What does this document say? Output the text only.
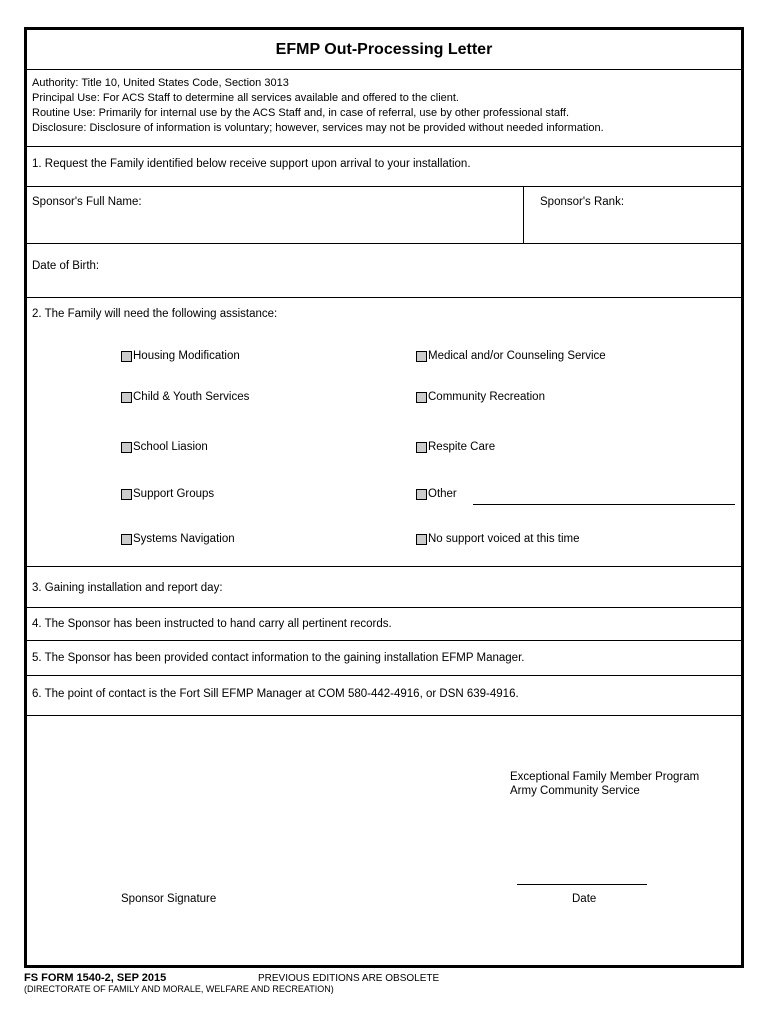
EFMP Out-Processing Letter
Authority: Title 10, United States Code, Section 3013
Principal Use: For ACS Staff to determine all services available and offered to the client.
Routine Use: Primarily for internal use by the ACS Staff and, in case of referral, use by other professional staff.
Disclosure: Disclosure of information is voluntary; however, services may not be provided without needed information.
1. Request the Family identified below receive support upon arrival to your installation.
Sponsor's Full Name:	Sponsor's Rank:
Date of Birth:
2. The Family will need the following assistance:
Housing Modification	Medical and/or Counseling Service
Child & Youth Services	Community Recreation
School Liasion	Respite Care
Support Groups	Other
Systems Navigation	No support voiced at this time
3. Gaining installation and report day:
4. The Sponsor has been instructed to hand carry all pertinent records.
5. The Sponsor has been provided contact information to the gaining installation EFMP Manager.
6. The point of contact is the Fort Sill EFMP Manager at COM 580-442-4916, or DSN 639-4916.
Exceptional Family Member Program
Army Community Service
Sponsor Signature	Date
FS FORM 1540-2, SEP 2015	PREVIOUS EDITIONS ARE OBSOLETE
(DIRECTORATE OF FAMILY AND MORALE, WELFARE AND RECREATION)
